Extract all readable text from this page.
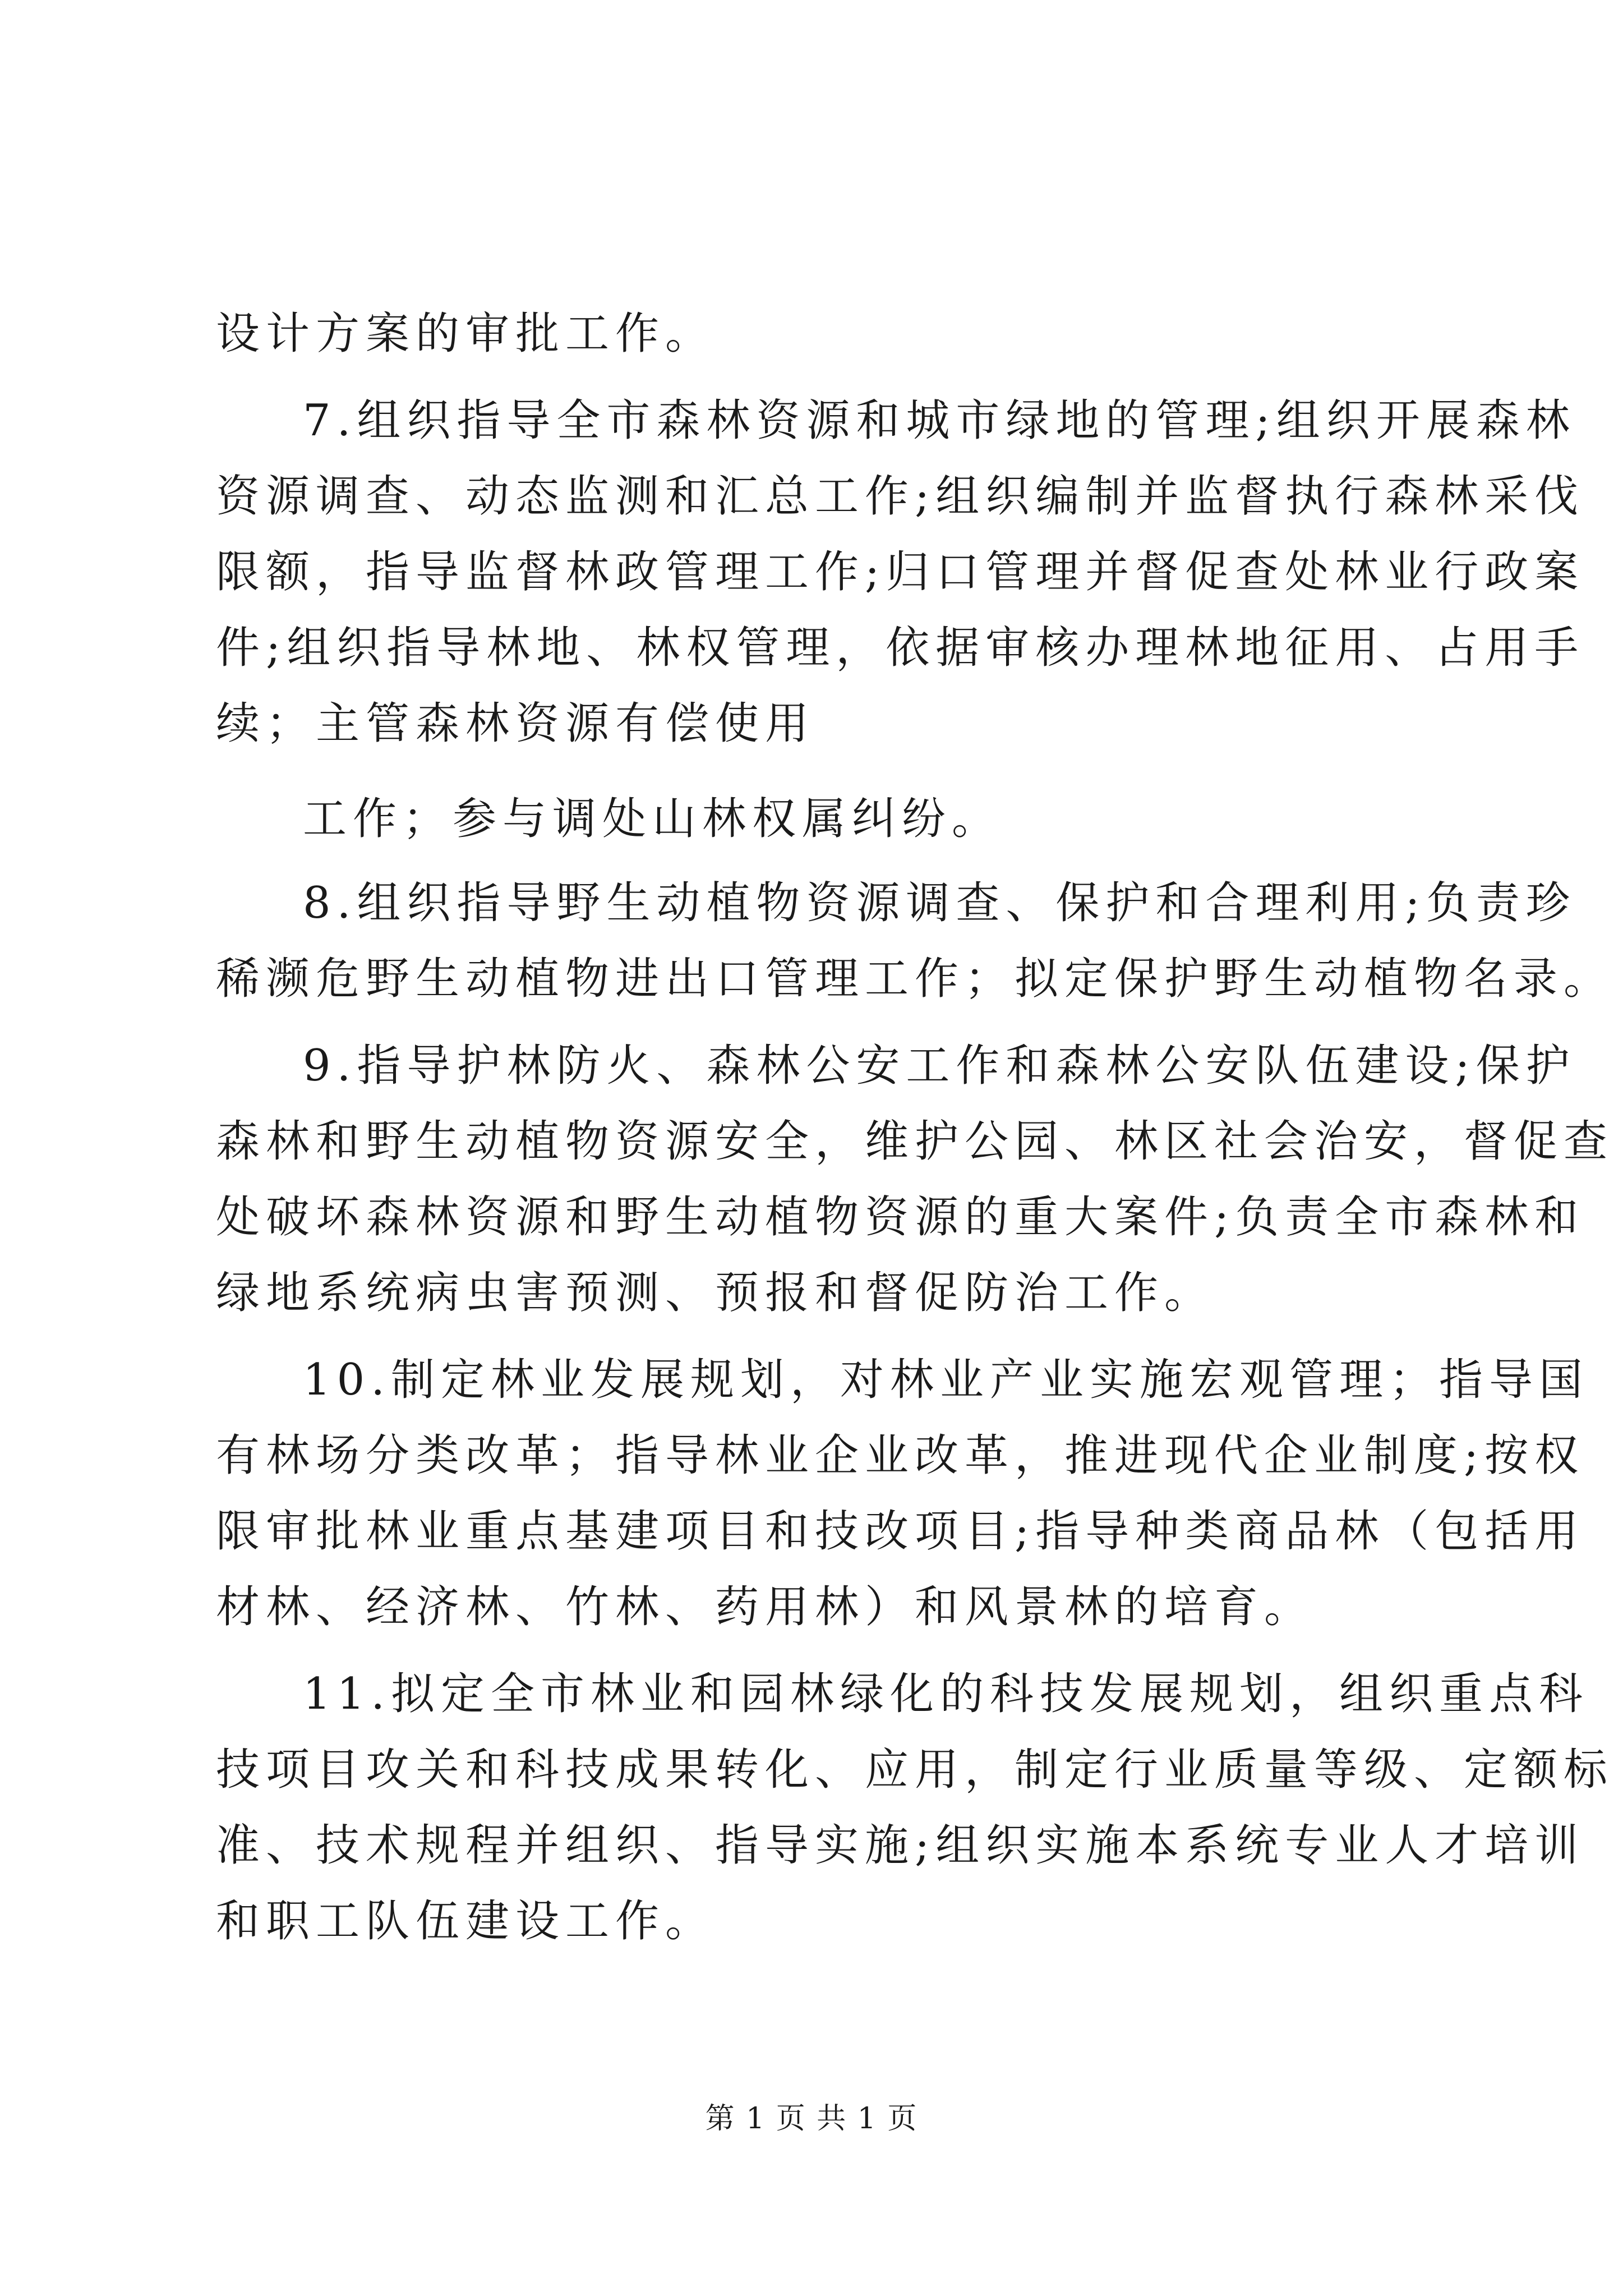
设计方案的审批工作。
7.组织指导全市森林资源和城市绿地的管理;组织开展森林
资源调查、动态监测和汇总工作;组织编制并监督执行森林采伐
限额，指导监督林政管理工作;归口管理并督促查处林业行政案
件;组织指导林地、林权管理，依据审核办理林地征用、占用手
续；主管森林资源有偿使用
工作；参与调处山林权属纠纷。
8.组织指导野生动植物资源调查、保护和合理利用;负责珍
稀濒危野生动植物进出口管理工作；拟定保护野生动植物名录。
9.指导护林防火、森林公安工作和森林公安队伍建设;保护
森林和野生动植物资源安全，维护公园、林区社会治安，督促查
处破坏森林资源和野生动植物资源的重大案件;负责全市森林和
绿地系统病虫害预测、预报和督促防治工作。
10.制定林业发展规划，对林业产业实施宏观管理；指导国
有林场分类改革；指导林业企业改革，推进现代企业制度;按权
限审批林业重点基建项目和技改项目;指导种类商品林（包括用
材林、经济林、竹林、药用林）和风景林的培育。
11.拟定全市林业和园林绿化的科技发展规划，组织重点科
技项目攻关和科技成果转化、应用，制定行业质量等级、定额标
准、技术规程并组织、指导实施;组织实施本系统专业人才培训
和职工队伍建设工作。
第 1 页 共 1 页
